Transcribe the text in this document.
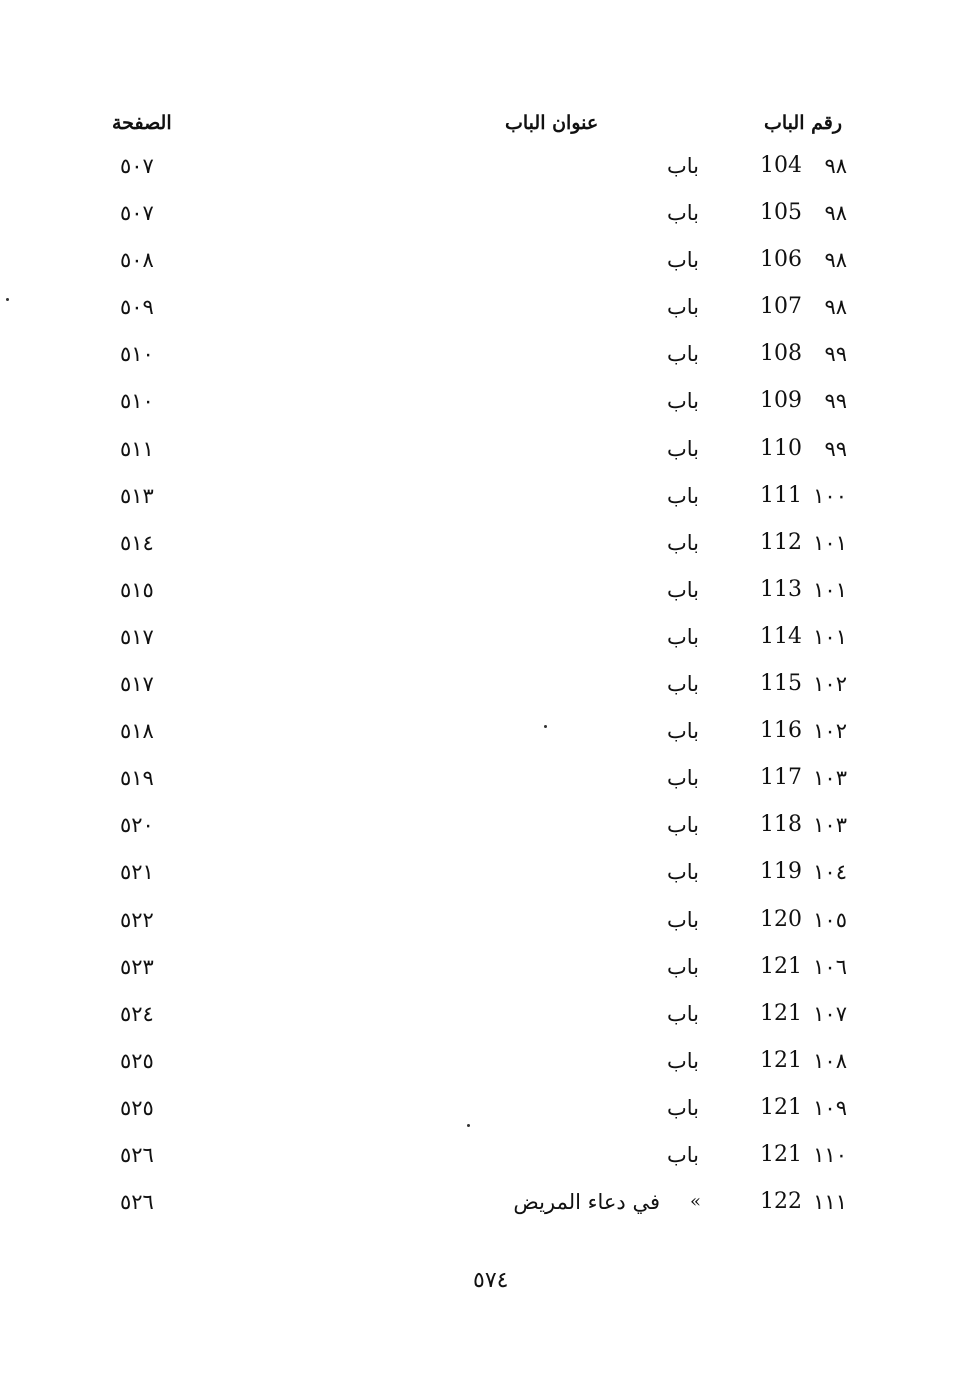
رقم الباب
عنوان الباب
الصفحة
٩٨
104
باب
٥٠٧
٩٨
105
باب
٥٠٧
٩٨
106
باب
٥٠٨
٩٨
107
باب
٥٠٩
٩٩
108
باب
٥١٠
٩٩
109
باب
٥١٠
٩٩
110
باب
٥١١
١٠٠
111
باب
٥١٣
١٠١
112
باب
٥١٤
١٠١
113
باب
٥١٥
١٠١
114
باب
٥١٧
١٠٢
115
باب
٥١٧
١٠٢
116
باب
٥١٨
١٠٣
117
باب
٥١٩
١٠٣
118
باب
٥٢٠
١٠٤
119
باب
٥٢١
١٠٥
120
باب
٥٢٢
١٠٦
121
باب
٥٢٣
١٠٧
121
باب
٥٢٤
١٠٨
121
باب
٥٢٥
١٠٩
121
باب
٥٢٥
١١٠
121
باب
٥٢٦
١١١
122
«
في دعاء المريض
٥٢٦
٥٧٤
